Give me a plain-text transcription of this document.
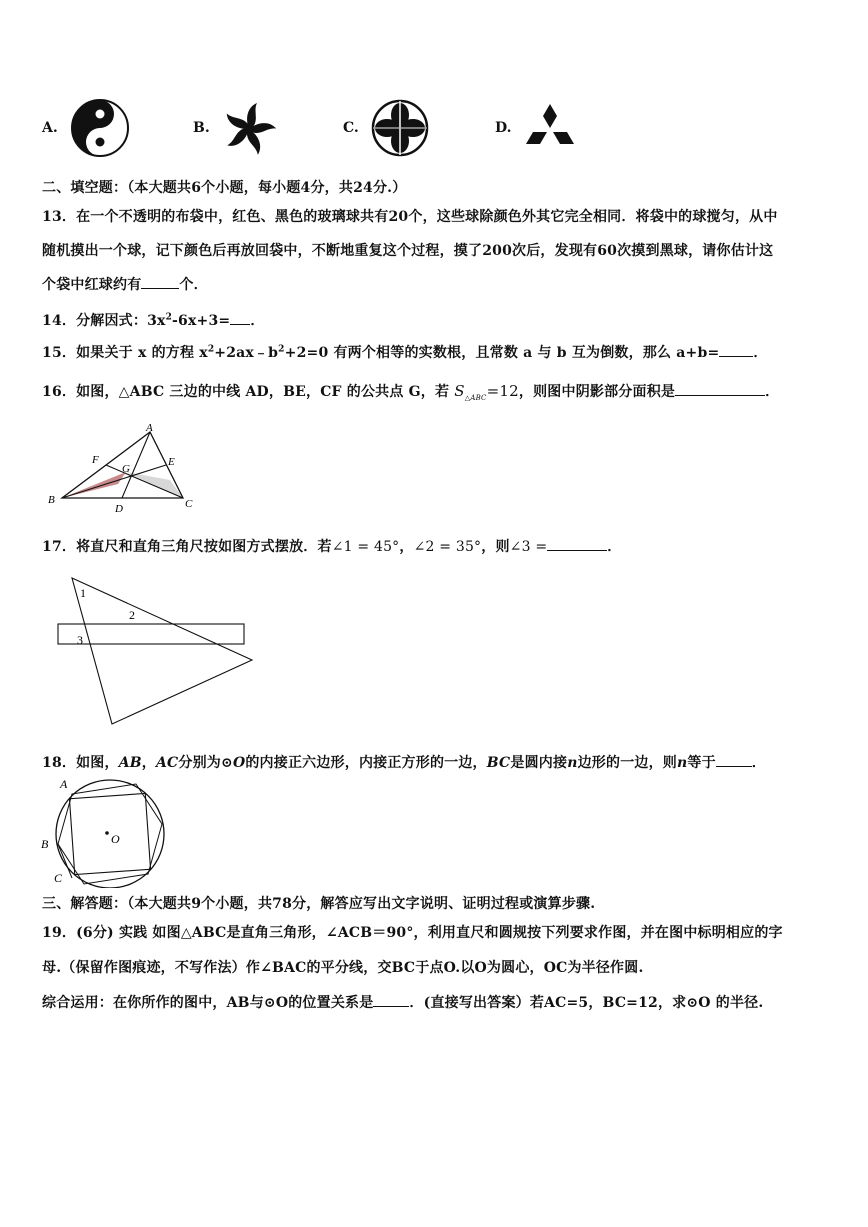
A.	B.	C.	D.
二、填空题：（本大题共6个小题，每小题4分，共24分.）
13．在一个不透明的布袋中，红色、黑色的玻璃球共有20个，这些球除颜色外其它完全相同．将袋中的球搅匀，从中
随机摸出一个球，记下颜色后再放回袋中，不断地重复这个过程，摸了200次后，发现有60次摸到黑球，请你估计这
个袋中红球约有	个．
14．分解因式：$3x^2-6x+3=$ ．
15．如果关于 x 的方程 $x^2+2ax﹣b^2+2=0$ 有两个相等的实数根，且常数 a 与 b 互为倒数，那么 a+b= ．
16．如图，△ABC 三边的中线 AD，BE，CF 的公共点 G，若 $S_{\triangle ABC}=12$，则图中阴影部分面积是	．
A
B	C
D
E
F
G
17．将直尺和直角三角尺按如图方式摆放．若∠1 = 45°，∠2 = 35°，则∠3 =	．
1
2
3
18．如图，AB，AC分别为⊙O的内接正六边形，内接正方形的一边，BC是圆内接n边形的一边，则n等于	．
A
B
C
O
三、解答题：（本大题共9个小题，共78分，解答应写出文字说明、证明过程或演算步骤.
19．(6分) 实践 如图△ABC是直角三角形，∠ACB＝90°，利用直尺和圆规按下列要求作图，并在图中标明相应的字
母.（保留作图痕迹，不写作法）作∠BAC的平分线，交BC于点O.以O为圆心，OC为半径作圆.
综合运用：在你所作的图中，AB与⊙O的位置关系是	．(直接写出答案）若AC=5，BC=12，求⊙O 的半径.
